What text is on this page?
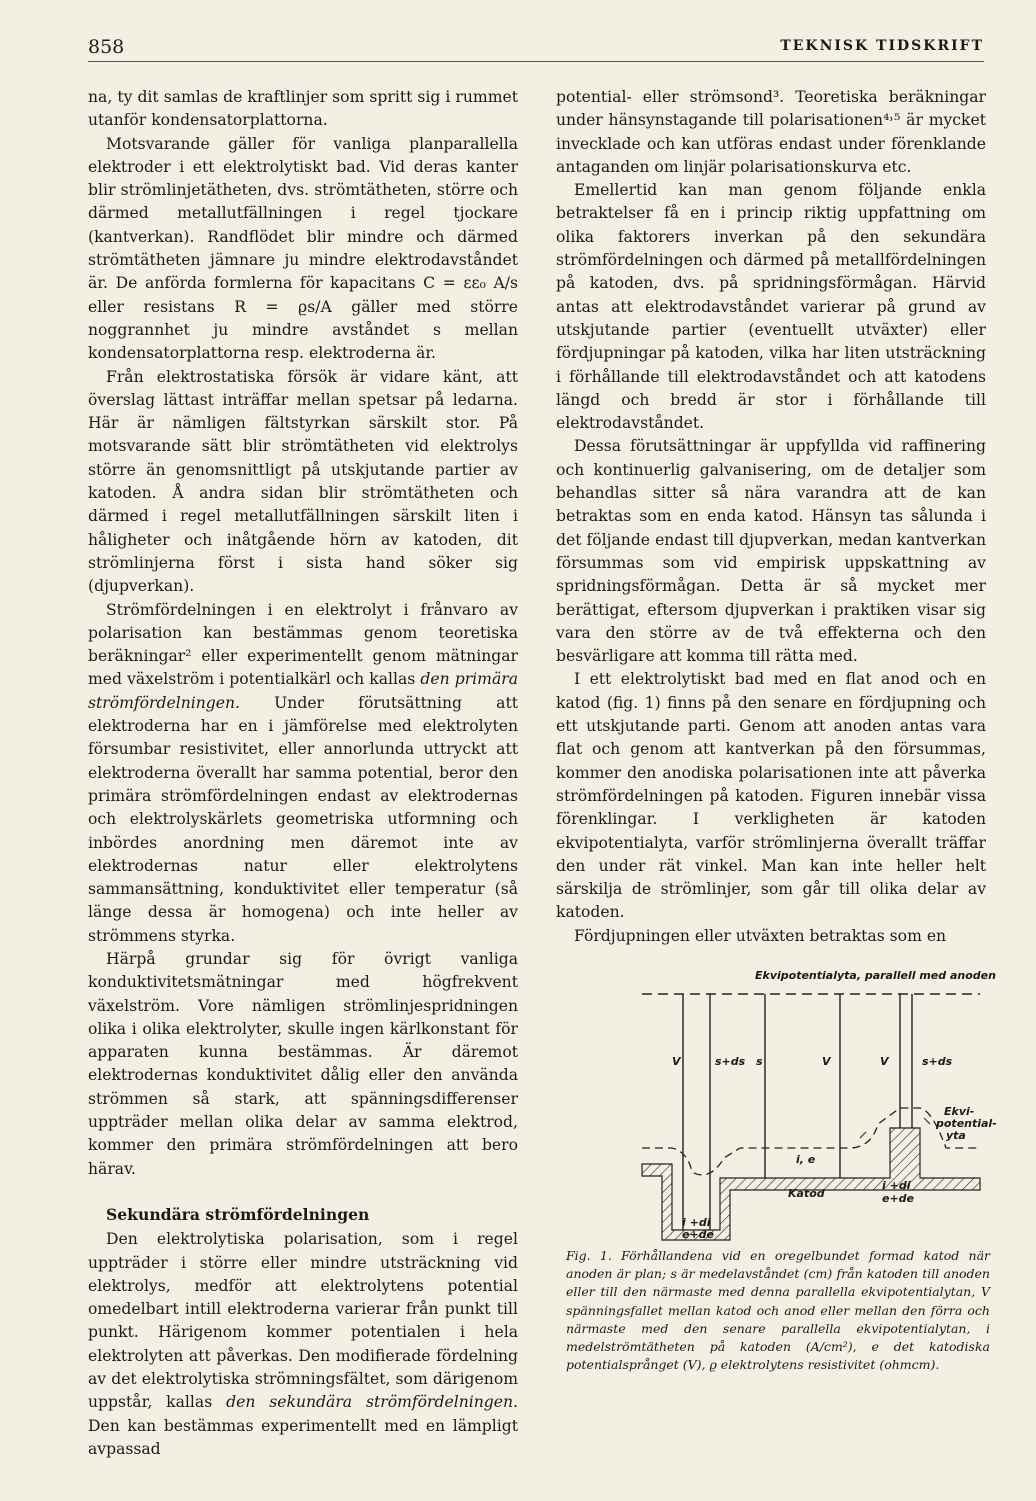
858	TEKNISK TIDSKRIFT

na, ty dit samlas de kraftlinjer som spritt sig i rummet utanför kondensatorplattorna.

Motsvarande gäller för vanliga planparallella elektroder i ett elektrolytiskt bad. Vid deras kanter blir strömlinjetätheten, dvs. strömtätheten, större och därmed metallutfällningen i regel tjockare (kantverkan). Randflödet blir mindre och därmed strömtätheten jämnare ju mindre elektrodavståndet är. De anförda formlerna för kapacitans C = εε₀ A/s eller resistans R = ϱs/A gäller med större noggrannhet ju mindre avståndet s mellan kondensatorplattorna resp. elektroderna är.

Från elektrostatiska försök är vidare känt, att överslag lättast inträffar mellan spetsar på ledarna. Här är nämligen fältstyrkan särskilt stor. På motsvarande sätt blir strömtätheten vid elektrolys större än genomsnittligt på utskjutande partier av katoden. Å andra sidan blir strömtätheten och därmed i regel metallutfällningen särskilt liten i håligheter och inåtgående hörn av katoden, dit strömlinjerna först i sista hand söker sig (djupverkan).

Strömfördelningen i en elektrolyt i frånvaro av polarisation kan bestämmas genom teoretiska beräkningar² eller experimentellt genom mätningar med växelström i potentialkärl och kallas den primära strömfördelningen. Under förutsättning att elektroderna har en i jämförelse med elektrolyten försumbar resistivitet, eller annorlunda uttryckt att elektroderna överallt har samma potential, beror den primära strömfördelningen endast av elektrodernas och elektrolyskärlets geometriska utformning och inbördes anordning men däremot inte av elektrodernas natur eller elektrolytens sammansättning, konduktivitet eller temperatur (så länge dessa är homogena) och inte heller av strömmens styrka.

Härpå grundar sig för övrigt vanliga konduktivitetsmätningar med högfrekvent växelström. Vore nämligen strömlinjespridningen olika i olika elektrolyter, skulle ingen kärlkonstant för apparaten kunna bestämmas. Är däremot elektrodernas konduktivitet dålig eller den använda strömmen så stark, att spänningsdifferenser uppträder mellan olika delar av samma elektrod, kommer den primära strömfördelningen att bero härav.

Sekundära strömfördelningen

Den elektrolytiska polarisation, som i regel uppträder i större eller mindre utsträckning vid elektrolys, medför att elektrolytens potential omedelbart intill elektroderna varierar från punkt till punkt. Härigenom kommer potentialen i hela elektrolyten att påverkas. Den modifierade fördelning av det elektrolytiska strömningsfältet, som därigenom uppstår, kallas den sekundära strömfördelningen. Den kan bestämmas experimentellt med en lämpligt avpassad

potential- eller strömsond³. Teoretiska beräkningar under hänsynstagande till polarisationen⁴˒⁵ är mycket invecklade och kan utföras endast under förenklande antaganden om linjär polarisationskurva etc.

Emellertid kan man genom följande enkla betraktelser få en i princip riktig uppfattning om olika faktorers inverkan på den sekundära strömfördelningen och därmed på metallfördelningen på katoden, dvs. på spridningsförmågan. Härvid antas att elektrodavståndet varierar på grund av utskjutande partier (eventuellt utväxter) eller fördjupningar på katoden, vilka har liten utsträckning i förhållande till elektrodavståndet och att katodens längd och bredd är stor i förhållande till elektrodavståndet.

Dessa förutsättningar är uppfyllda vid raffinering och kontinuerlig galvanisering, om de detaljer som behandlas sitter så nära varandra att de kan betraktas som en enda katod. Hänsyn tas sålunda i det följande endast till djupverkan, medan kantverkan försummas som vid empirisk uppskattning av spridningsförmågan. Detta är så mycket mer berättigat, eftersom djupverkan i praktiken visar sig vara den större av de två effekterna och den besvärligare att komma till rätta med.

I ett elektrolytiskt bad med en flat anod och en katod (fig. 1) finns på den senare en fördjupning och ett utskjutande parti. Genom att anoden antas vara flat och genom att kantverkan på den försummas, kommer den anodiska polarisationen inte att påverka strömfördelningen på katoden. Figuren innebär vissa förenklingar. I verkligheten är katoden ekvipotentialyta, varför strömlinjerna överallt träffar den under rät vinkel. Man kan inte heller helt särskilja de strömlinjer, som går till olika delar av katoden.

Fördjupningen eller utväxten betraktas som en

Ekvipotentialyta, parallell med anoden
V	s+ds s	V	V	s+ds
Ekvi-
potential-
yta
i, e
Katod
i +di
e+de
i +di
e+de
Fig. 1. Förhållandena vid en oregelbundet formad katod när anoden är plan; s är medelavståndet (cm) från katoden till anoden eller till den närmaste med denna parallella ekvipotentialytan, V spänningsfallet mellan katod och anod eller mellan den förra och närmaste med den senare parallella ekvipotentialytan, i medelströmtätheten på katoden (A/cm²), e det katodiska potentialsprånget (V), ϱ elektrolytens resistivitet (ohmcm).
